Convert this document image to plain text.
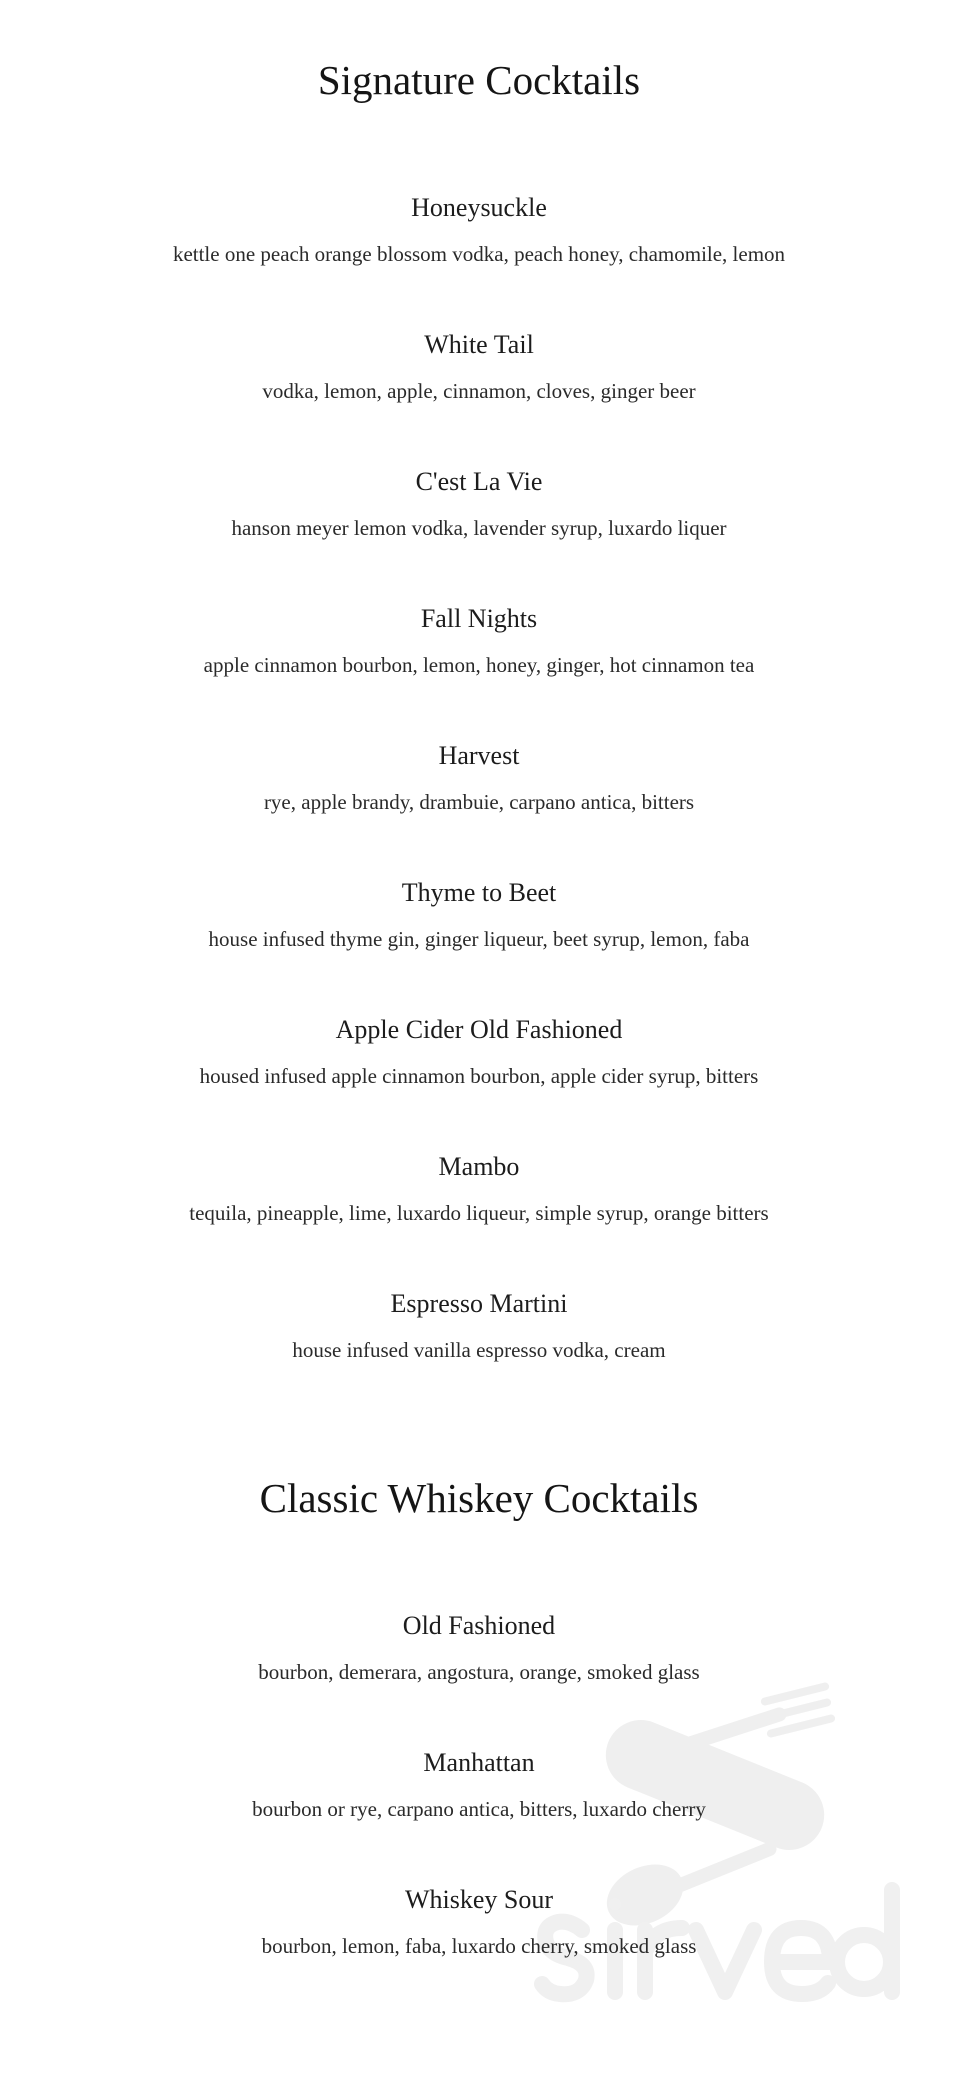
Signature Cocktails

Honeysuckle

kettle one peach orange blossom vodka, peach honey, chamomile, lemon

White Tail

vodka, lemon, apple, cinnamon, cloves, ginger beer

C'est La Vie

hanson meyer lemon vodka, lavender syrup, luxardo liquer

Fall Nights

apple cinnamon bourbon, lemon, honey, ginger, hot cinnamon tea

Harvest

rye, apple brandy, drambuie, carpano antica, bitters

Thyme to Beet

house infused thyme gin, ginger liqueur, beet syrup, lemon, faba

Apple Cider Old Fashioned

housed infused apple cinnamon bourbon, apple cider syrup, bitters

Mambo

tequila, pineapple, lime, luxardo liqueur, simple syrup, orange bitters

Espresso Martini

house infused vanilla espresso vodka, cream

Classic Whiskey Cocktails

Old Fashioned

bourbon, demerara, angostura, orange, smoked glass

Manhattan

bourbon or rye, carpano antica, bitters, luxardo cherry

Whiskey Sour

bourbon, lemon, faba, luxardo cherry, smoked glass
